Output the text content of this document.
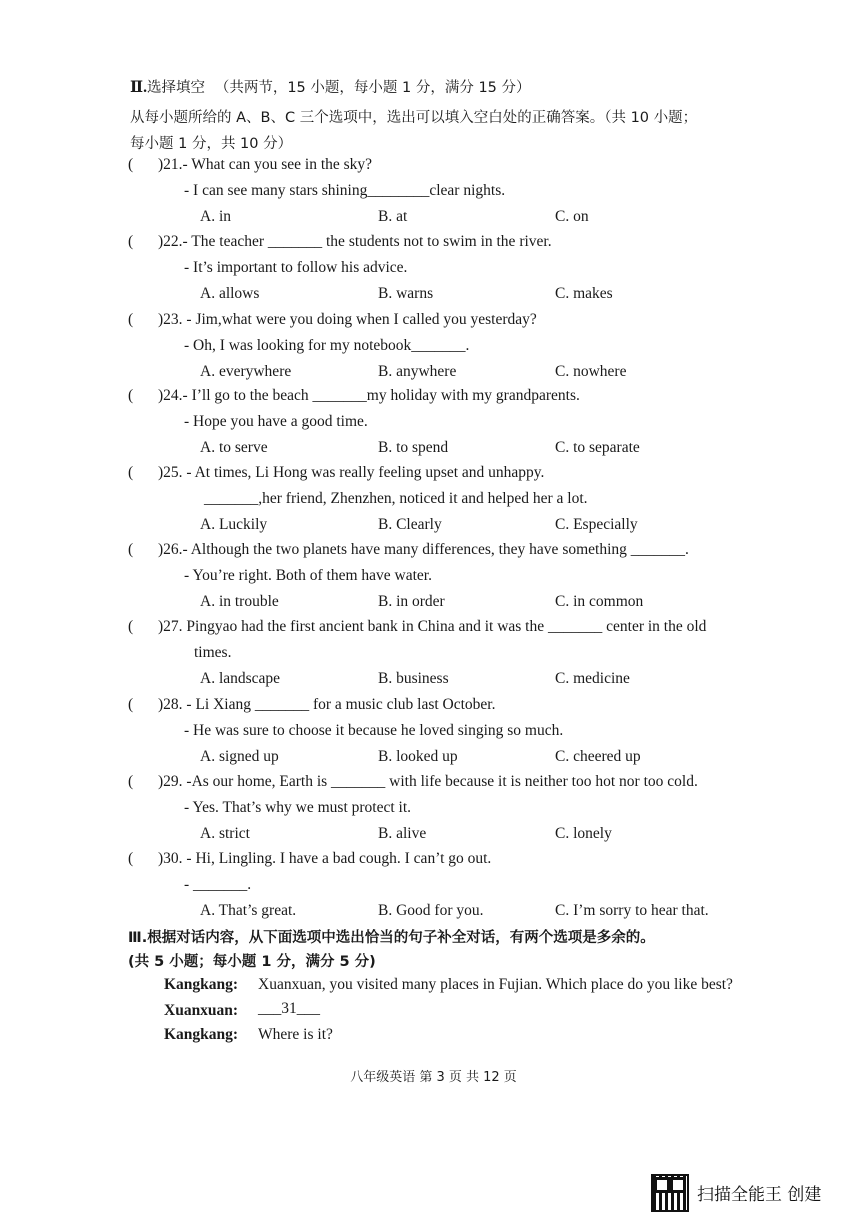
Ⅱ.选择填空 （共两节，15 小题，每小题 1 分，满分 15 分）
从每小题所给的 A、B、C 三个选项中，选出可以填入空白处的正确答案。（共 10 小题；
每小题 1 分，共 10 分）
( )21.- What can you see in the sky?
- I can see many stars shining________clear nights.
A. in	B. at	C. on
( )22.- The teacher _______ the students not to swim in the river.
- It’s important to follow his advice.
A. allows	B. warns	C. makes
( )23. - Jim,what were you doing when I called you yesterday?
- Oh, I was looking for my notebook_______.
A. everywhere	B. anywhere	C. nowhere
( )24.- I’ll go to the beach _______my holiday with my grandparents.
- Hope you have a good time.
A. to serve	B. to spend	C. to separate
( )25. - At times, Li Hong was really feeling upset and unhappy.
_______,her friend, Zhenzhen, noticed it and helped her a lot.
A. Luckily	B. Clearly	C. Especially
( )26.- Although the two planets have many differences, they have something _______.
- You’re right. Both of them have water.
A. in trouble	B. in order	C. in common
( )27. Pingyao had the first ancient bank in China and it was the _______ center in the old
times.
A. landscape	B. business	C. medicine
( )28. - Li Xiang _______ for a music club last October.
- He was sure to choose it because he loved singing so much.
A. signed up	B. looked up	C. cheered up
( )29. -As our home, Earth is _______ with life because it is neither too hot nor too cold.
- Yes. That’s why we must protect it.
A. strict	B. alive	C. lonely
( )30. - Hi, Lingling. I have a bad cough. I can’t go out.
- _______.
A. That’s great.	B. Good for you.	C. I’m sorry to hear that.
Ⅲ.根据对话内容，从下面选项中选出恰当的句子补全对话，有两个选项是多余的。
(共 5 小题；每小题 1 分，满分 5 分)
Kangkang: Xuanxuan, you visited many places in Fujian. Which place do you like best?
Xuanxuan: ___31___
Kangkang: Where is it?
八年级英语 第 3 页 共 12 页
扫描全能王 创建
